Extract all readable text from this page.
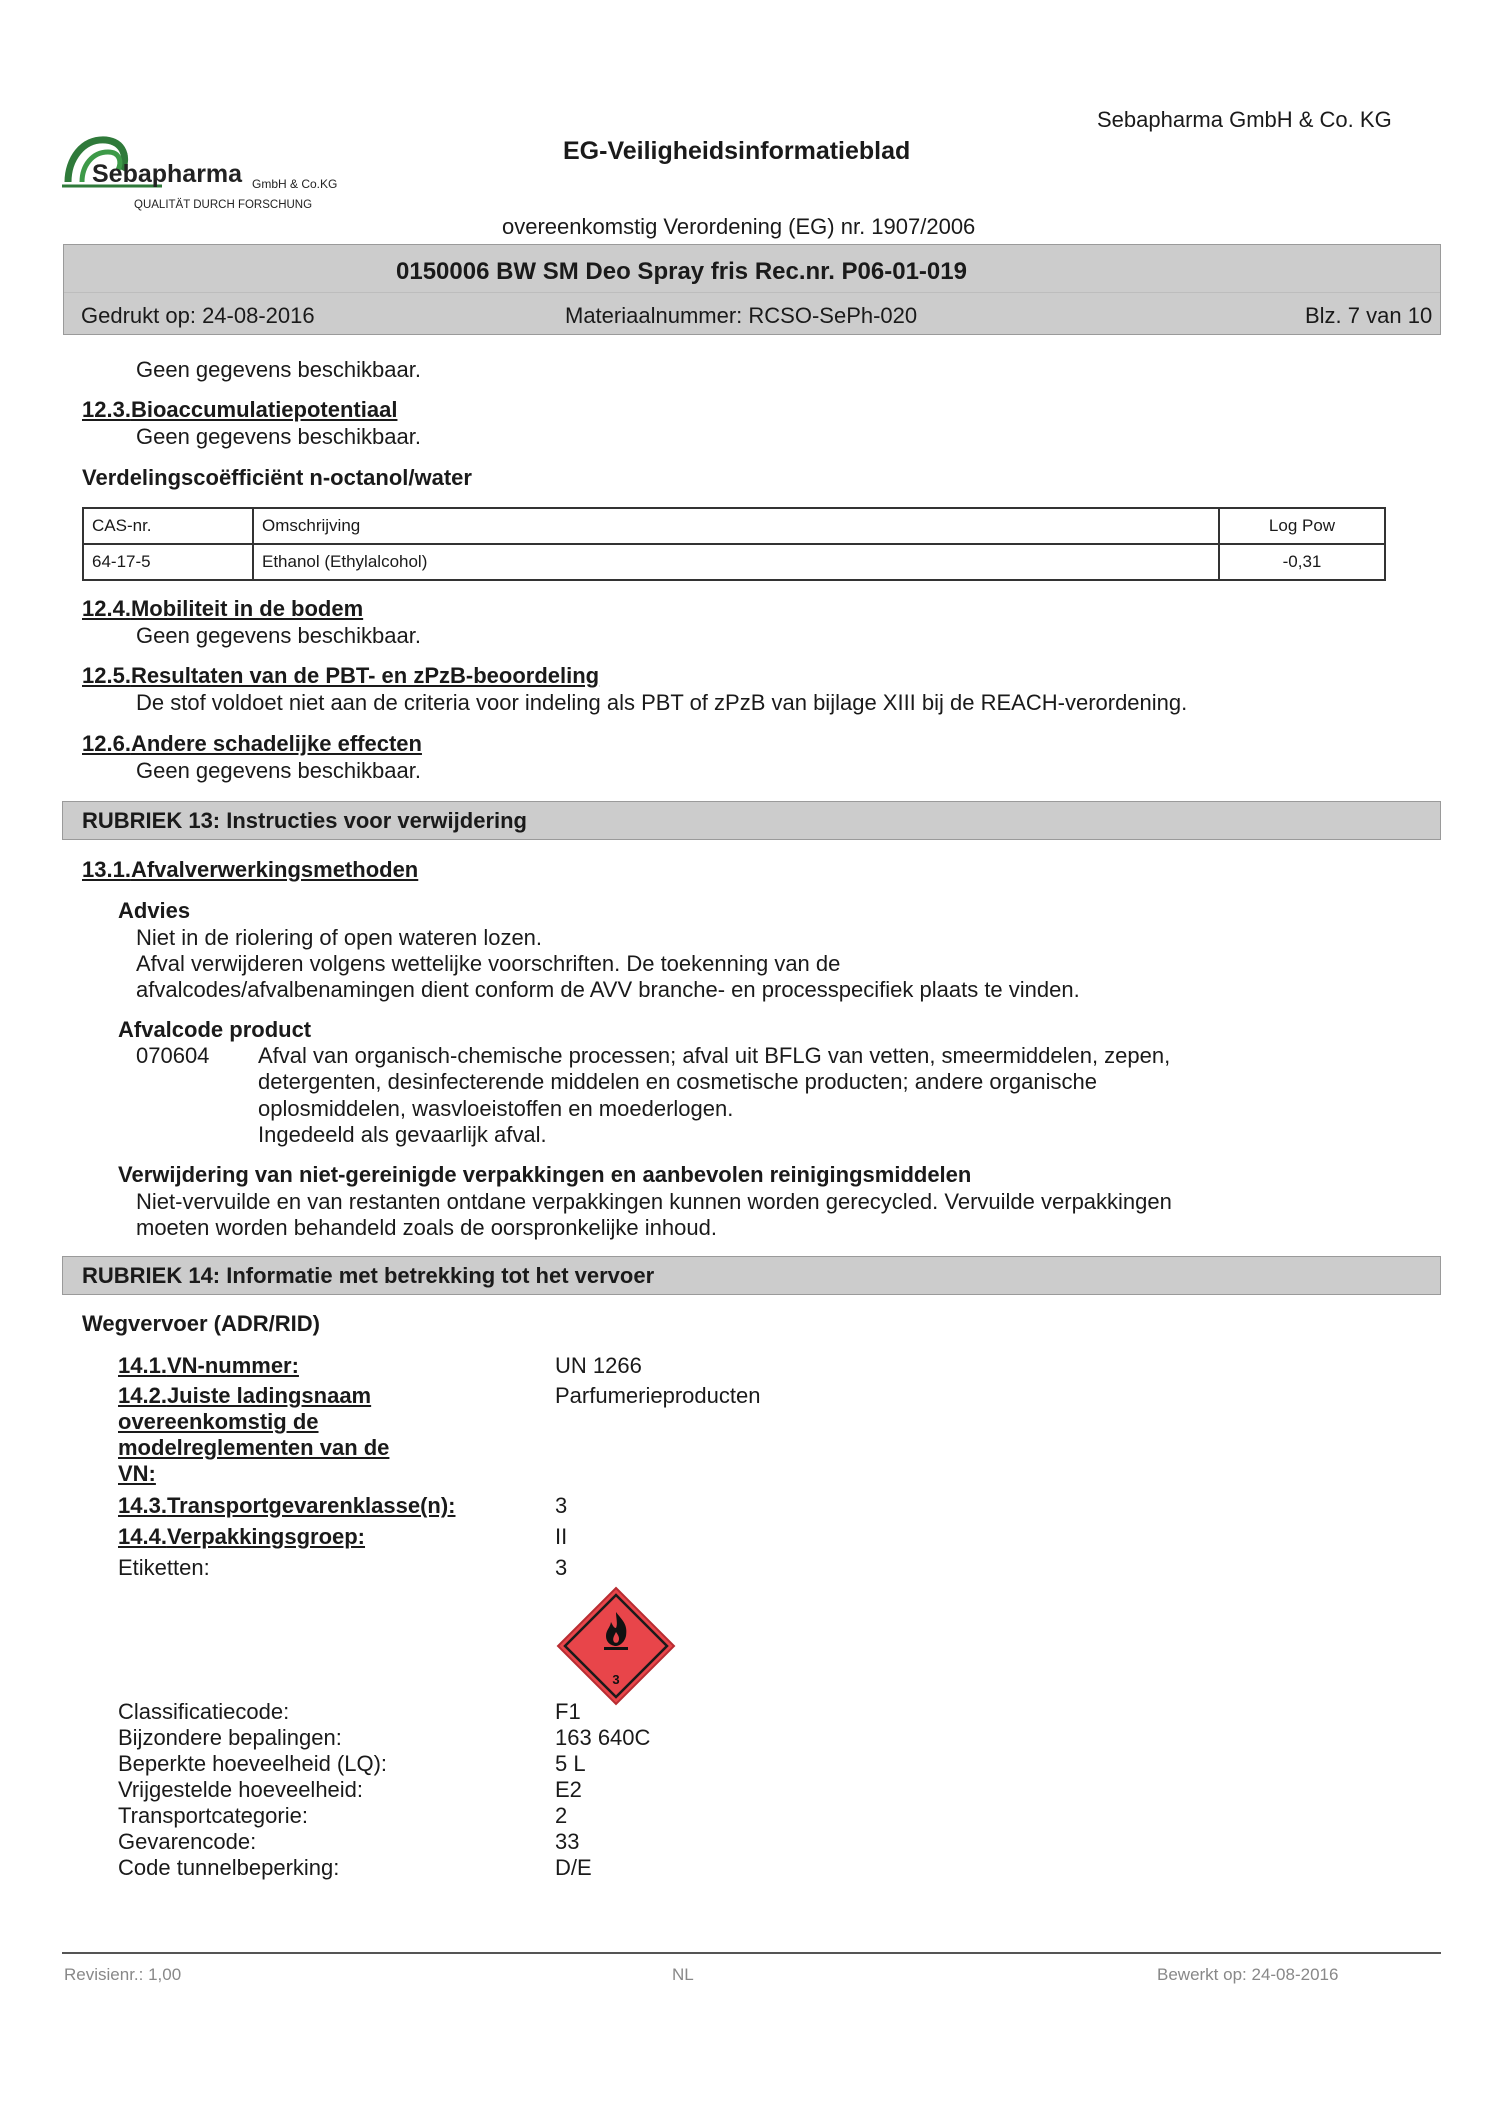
Sebapharma GmbH & Co. KG
EG-Veiligheidsinformatieblad
overeenkomstig Verordening (EG) nr. 1907/2006
Sebapharma GmbH & Co.KG
QUALITÄT DURCH FORSCHUNG
0150006 BW SM Deo Spray fris Rec.nr. P06-01-019
Gedrukt op: 24-08-2016	Materiaalnummer: RCSO-SePh-020	Blz. 7 van 10
Geen gegevens beschikbaar.
12.3.Bioaccumulatiepotentiaal
Geen gegevens beschikbaar.
Verdelingscoëfficiënt n-octanol/water
CAS-nr.	Omschrijving	Log Pow
64-17-5	Ethanol (Ethylalcohol)	-0,31
12.4.Mobiliteit in de bodem
Geen gegevens beschikbaar.
12.5.Resultaten van de PBT- en zPzB-beoordeling
De stof voldoet niet aan de criteria voor indeling als PBT of zPzB van bijlage XIII bij de REACH-verordening.
12.6.Andere schadelijke effecten
Geen gegevens beschikbaar.
RUBRIEK 13: Instructies voor verwijdering
13.1.Afvalverwerkingsmethoden
Advies
Niet in de riolering of open wateren lozen.
Afval verwijderen volgens wettelijke voorschriften. De toekenning van de
afvalcodes/afvalbenamingen dient conform de AVV branche- en processpecifiek plaats te vinden.
Afvalcode product
070604 Afval van organisch-chemische processen; afval uit BFLG van vetten, smeermiddelen, zepen,
detergenten, desinfecterende middelen en cosmetische producten; andere organische
oplosmiddelen, wasvloeistoffen en moederlogen.
Ingedeeld als gevaarlijk afval.
Verwijdering van niet-gereinigde verpakkingen en aanbevolen reinigingsmiddelen
Niet-vervuilde en van restanten ontdane verpakkingen kunnen worden gerecycled. Vervuilde verpakkingen
moeten worden behandeld zoals de oorspronkelijke inhoud.
RUBRIEK 14: Informatie met betrekking tot het vervoer
Wegvervoer (ADR/RID)
14.1.VN-nummer:	UN 1266
14.2.Juiste ladingsnaam
overeenkomstig de
modelreglementen van de
VN:
Parfumerieproducten
14.3.Transportgevarenklasse(n):	3
14.4.Verpakkingsgroep:	II
Etiketten:	3
3
Classificatiecode:	F1
Bijzondere bepalingen:	163 640C
Beperkte hoeveelheid (LQ):	5 L
Vrijgestelde hoeveelheid:	E2
Transportcategorie:	2
Gevarencode:	33
Code tunnelbeperking:	D/E
Revisienr.: 1,00	NL	Bewerkt op: 24-08-2016
